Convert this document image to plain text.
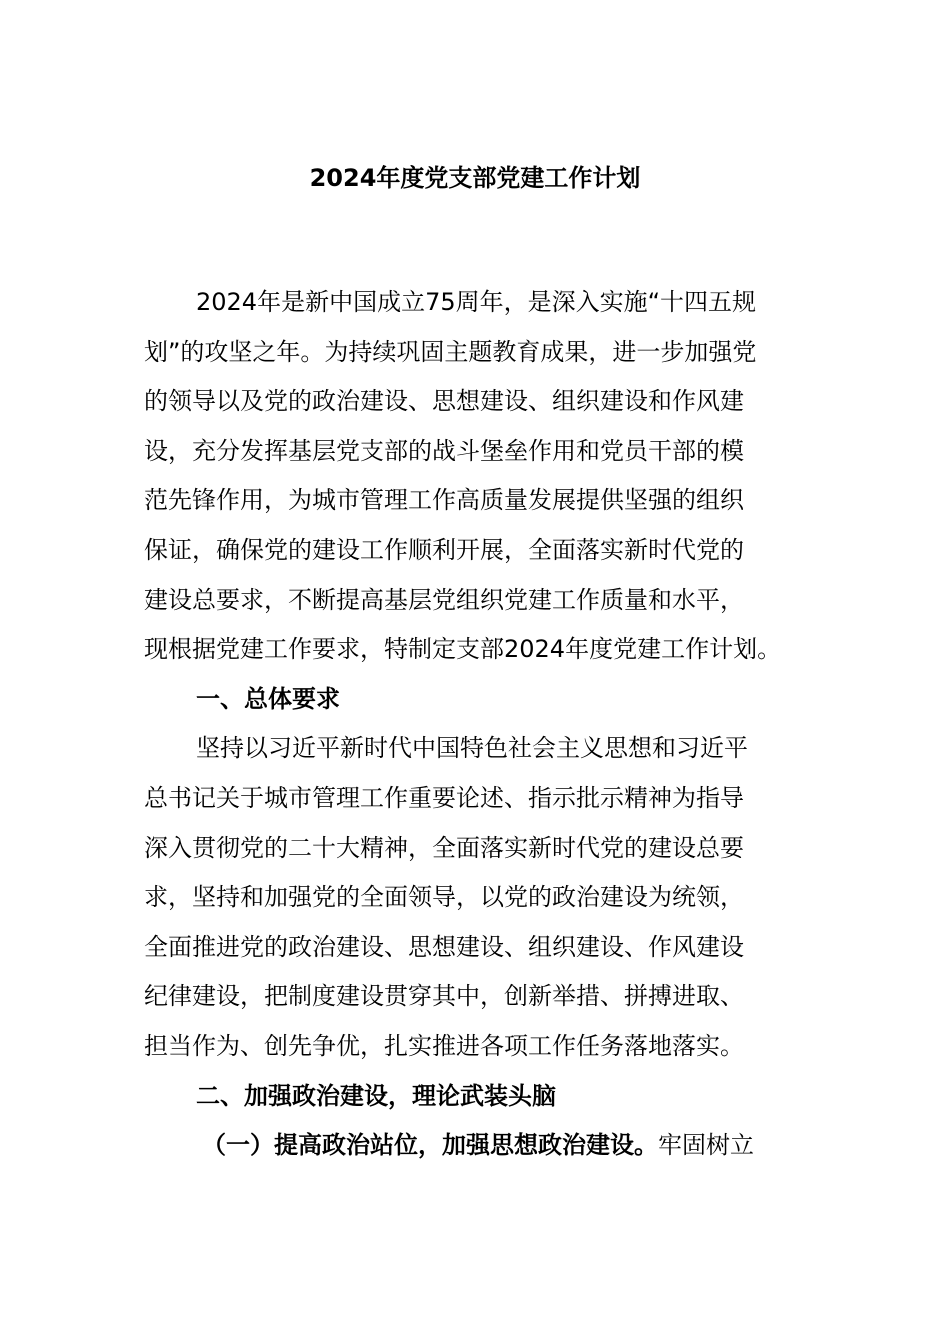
2024年度党支部党建工作计划
2024年是新中国成立75周年，是深入实施“十四五规
划”的攻坚之年。为持续巩固主题教育成果，进一步加强党
的领导以及党的政治建设、思想建设、组织建设和作风建
设，充分发挥基层党支部的战斗堡垒作用和党员干部的模
范先锋作用，为城市管理工作高质量发展提供坚强的组织
保证，确保党的建设工作顺利开展，全面落实新时代党的
建设总要求，不断提高基层党组织党建工作质量和水平，
现根据党建工作要求，特制定支部2024年度党建工作计划。
一、总体要求
坚持以习近平新时代中国特色社会主义思想和习近平
总书记关于城市管理工作重要论述、指示批示精神为指导
深入贯彻党的二十大精神，全面落实新时代党的建设总要
求，坚持和加强党的全面领导，以党的政治建设为统领，
全面推进党的政治建设、思想建设、组织建设、作风建设
纪律建设，把制度建设贯穿其中，创新举措、拼搏进取、
担当作为、创先争优，扎实推进各项工作任务落地落实。
二、加强政治建设，理论武装头脑
（一）提高政治站位，加强思想政治建设。牢固树立
